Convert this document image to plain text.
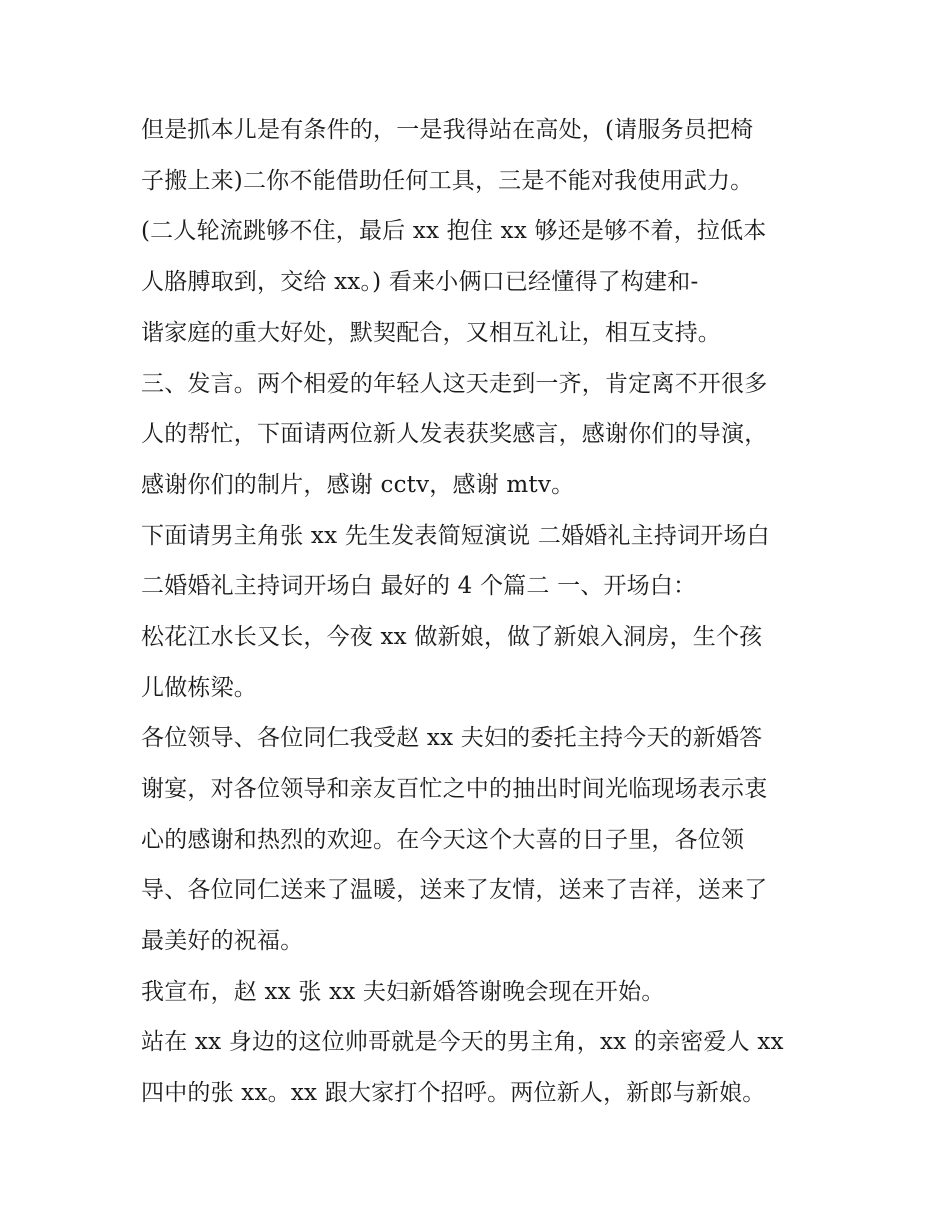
但是抓本儿是有条件的，一是我得站在高处，(请服务员把椅
子搬上来)二你不能借助任何工具，三是不能对我使用武力。
(二人轮流跳够不住，最后 xx 抱住 xx 够还是够不着，拉低本
人胳膊取到，交给 xx。) 看来小俩口已经懂得了构建和-
谐家庭的重大好处，默契配合，又相互礼让，相互支持。
三、发言。两个相爱的年轻人这天走到一齐，肯定离不开很多
人的帮忙，下面请两位新人发表获奖感言，感谢你们的导演，
感谢你们的制片，感谢 cctv，感谢 mtv。
下面请男主角张 xx 先生发表简短演说 二婚婚礼主持词开场白
二婚婚礼主持词开场白 最好的 4 个篇二 一、开场白：
松花江水长又长，今夜 xx 做新娘，做了新娘入洞房，生个孩
儿做栋梁。
各位领导、各位同仁我受赵 xx 夫妇的委托主持今天的新婚答
谢宴，对各位领导和亲友百忙之中的抽出时间光临现场表示衷
心的感谢和热烈的欢迎。在今天这个大喜的日子里，各位领
导、各位同仁送来了温暖，送来了友情，送来了吉祥，送来了
最美好的祝福。
我宣布，赵 xx 张 xx 夫妇新婚答谢晚会现在开始。
站在 xx 身边的这位帅哥就是今天的男主角，xx 的亲密爱人 xx
四中的张 xx。xx 跟大家打个招呼。两位新人，新郎与新娘。
